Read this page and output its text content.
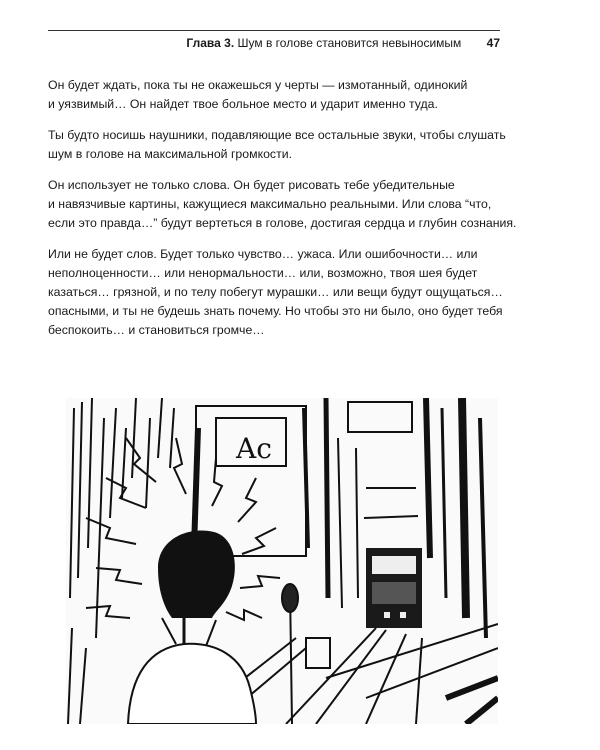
Глава 3. Шум в голове становится невыносимым 47

Он будет ждать, пока ты не окажешься у черты — измотанный, одинокий
и уязвимый… Он найдет твое больное место и ударит именно туда.

Ты будто носишь наушники, подавляющие все остальные звуки, чтобы слушать
шум в голове на максимальной громкости.

Он использует не только слова. Он будет рисовать тебе убедительные
и навязчивые картины, кажущиеся максимально реальными. Или слова “что,
если это правда…” будут вертеться в голове, достигая сердца и глубин сознания.

Или не будет слов. Будет только чувство… ужаса. Или ошибочности… или
неполноценности… или ненормальности… или, возможно, твоя шея будет
казаться… грязной, и по телу побегут мурашки… или вещи будут ощущаться…
опасными, и ты не будешь знать почему. Но чтобы это ни было, оно будет тебя
беспокоить… и становиться громче…

Ac
